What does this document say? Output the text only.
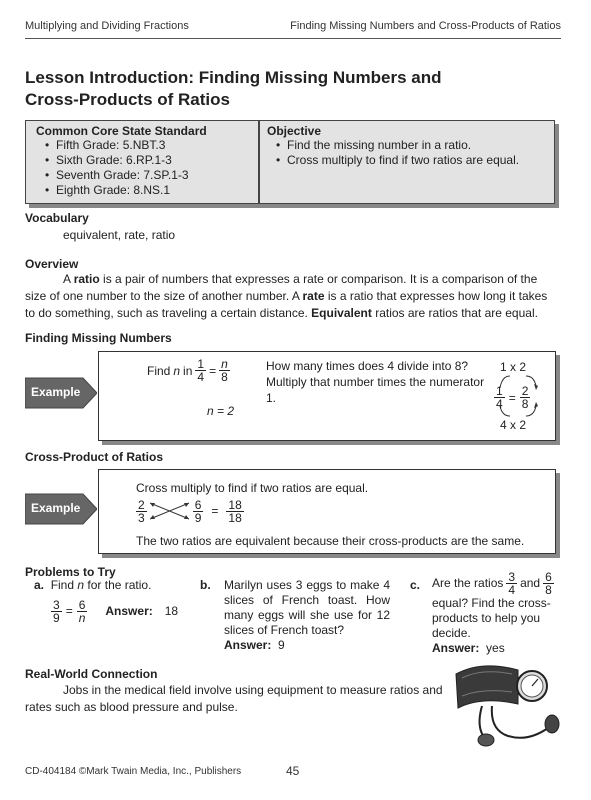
Multiplying and Dividing Fractions	Finding Missing Numbers and Cross-Products of Ratios
Lesson Introduction: Finding Missing Numbers and
Cross-Products of Ratios
Common Core State Standard
• Fifth Grade: 5.NBT.3
• Sixth Grade: 6.RP.1-3
• Seventh Grade: 7.SP.1-3
• Eighth Grade: 8.NS.1
Objective
• Find the missing number in a ratio.
• Cross multiply to find if two ratios are equal.
Vocabulary
equivalent, rate, ratio
Overview
A ratio is a pair of numbers that expresses a rate or comparison. It is a comparison of the size of one number to the size of another number. A rate is a ratio that expresses how long it takes to do something, such as traveling a certain distance. Equivalent ratios are ratios that are equal.
Finding Missing Numbers
Example
Find n in $\frac{1}{4} = \frac{n}{8}$
n = 2
How many times does 4 divide into 8? Multiply that number times the numerator 1.
1 x 2
$\frac{1}{4} = \frac{2}{8}$
4 x 2
Cross-Product of Ratios
Example
Cross multiply to find if two ratios are equal.
$\frac{2}{3}$	$\frac{6}{9} = \frac{18}{18}$
The two ratios are equivalent because their cross-products are the same.
Problems to Try
a. Find n for the ratio.
$\frac{3}{9} = \frac{6}{n}$ Answer: 18
b.	Marilyn uses 3 eggs to make 4 slices of French toast. How many eggs will she use for 12 slices of French toast?
Answer: 9
c. Are the ratios $\frac{3}{4}$ and $\frac{6}{8}$
equal? Find the cross-products to help you decide.
Answer: yes
Real-World Connection
Jobs in the medical field involve using equipment to measure ratios and rates such as blood pressure and pulse.
CD-404184 ©Mark Twain Media, Inc., Publishers	45
